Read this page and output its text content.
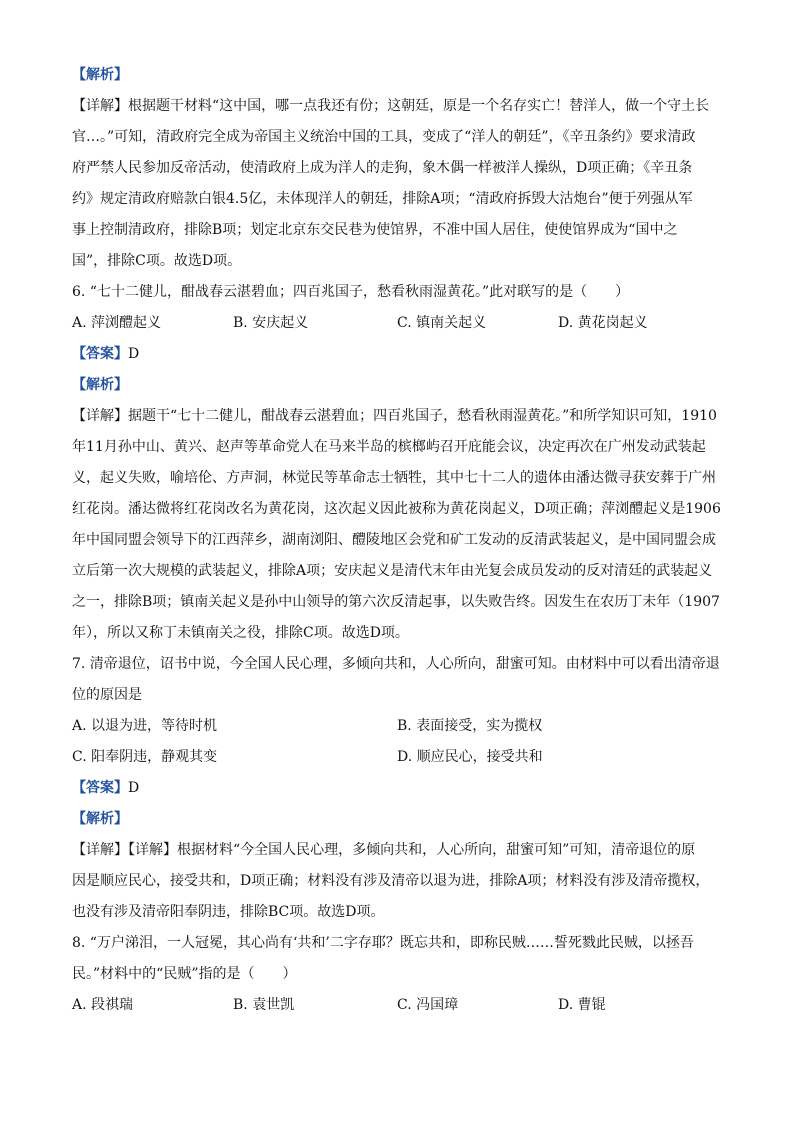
【解析】
【详解】根据题干材料“这中国，哪一点我还有份；这朝廷，原是一个名存实亡！替洋人，做一个守土长
官…。”可知，清政府完全成为帝国主义统治中国的工具，变成了“洋人的朝廷”，《辛丑条约》要求清政
府严禁人民参加反帝活动，使清政府上成为洋人的走狗，象木偶一样被洋人操纵，D项正确；《辛丑条
约》规定清政府赔款白银4.5亿，未体现洋人的朝廷，排除A项；“清政府拆毁大沽炮台”便于列强从军
事上控制清政府，排除B项；划定北京东交民巷为使馆界，不准中国人居住，使使馆界成为“国中之
国”，排除C项。故选D项。
6. “七十二健儿，酣战春云湛碧血；四百兆国子，愁看秋雨湿黄花。”此对联写的是（　　）
A. 萍浏醴起义	B. 安庆起义	C. 镇南关起义	D. 黄花岗起义
【答案】D
【解析】
【详解】据题干“七十二健儿，酣战春云湛碧血；四百兆国子，愁看秋雨湿黄花。”和所学知识可知，1910
年11月孙中山、黄兴、赵声等革命党人在马来半岛的槟榔屿召开庇能会议，决定再次在广州发动武装起
义，起义失败，喻培伦、方声洞，林觉民等革命志士牺牲，其中七十二人的遗体由潘达微寻获安葬于广州
红花岗。潘达微将红花岗改名为黄花岗，这次起义因此被称为黄花岗起义，D项正确；萍浏醴起义是1906
年中国同盟会领导下的江西萍乡，湖南浏阳、醴陵地区会党和矿工发动的反清武装起义，是中国同盟会成
立后第一次大规模的武装起义，排除A项；安庆起义是清代末年由光复会成员发动的反对清廷的武装起义
之一，排除B项；镇南关起义是孙中山领导的第六次反清起事，以失败告终。因发生在农历丁未年（1907
年），所以又称丁未镇南关之役，排除C项。故选D项。
7. 清帝退位，诏书中说，今全国人民心理，多倾向共和，人心所向，甜蜜可知。由材料中可以看出清帝退
位的原因是
A. 以退为进，等待时机	B. 表面接受，实为揽权
C. 阳奉阴违，静观其变	D. 顺应民心，接受共和
【答案】D
【解析】
【详解】【详解】根据材料“今全国人民心理，多倾向共和，人心所向，甜蜜可知”可知，清帝退位的原
因是顺应民心，接受共和，D项正确；材料没有涉及清帝以退为进，排除A项；材料没有涉及清帝揽权，
也没有涉及清帝阳奉阴违，排除BC项。故选D项。
8. “万户涕泪，一人冠冕，其心尚有‘共和’二字存耶？既忘共和，即称民贼……誓死戮此民贼，以拯吾
民。”材料中的“民贼”指的是（　　）
A. 段祺瑞	B. 袁世凯	C. 冯国璋	D. 曹锟
